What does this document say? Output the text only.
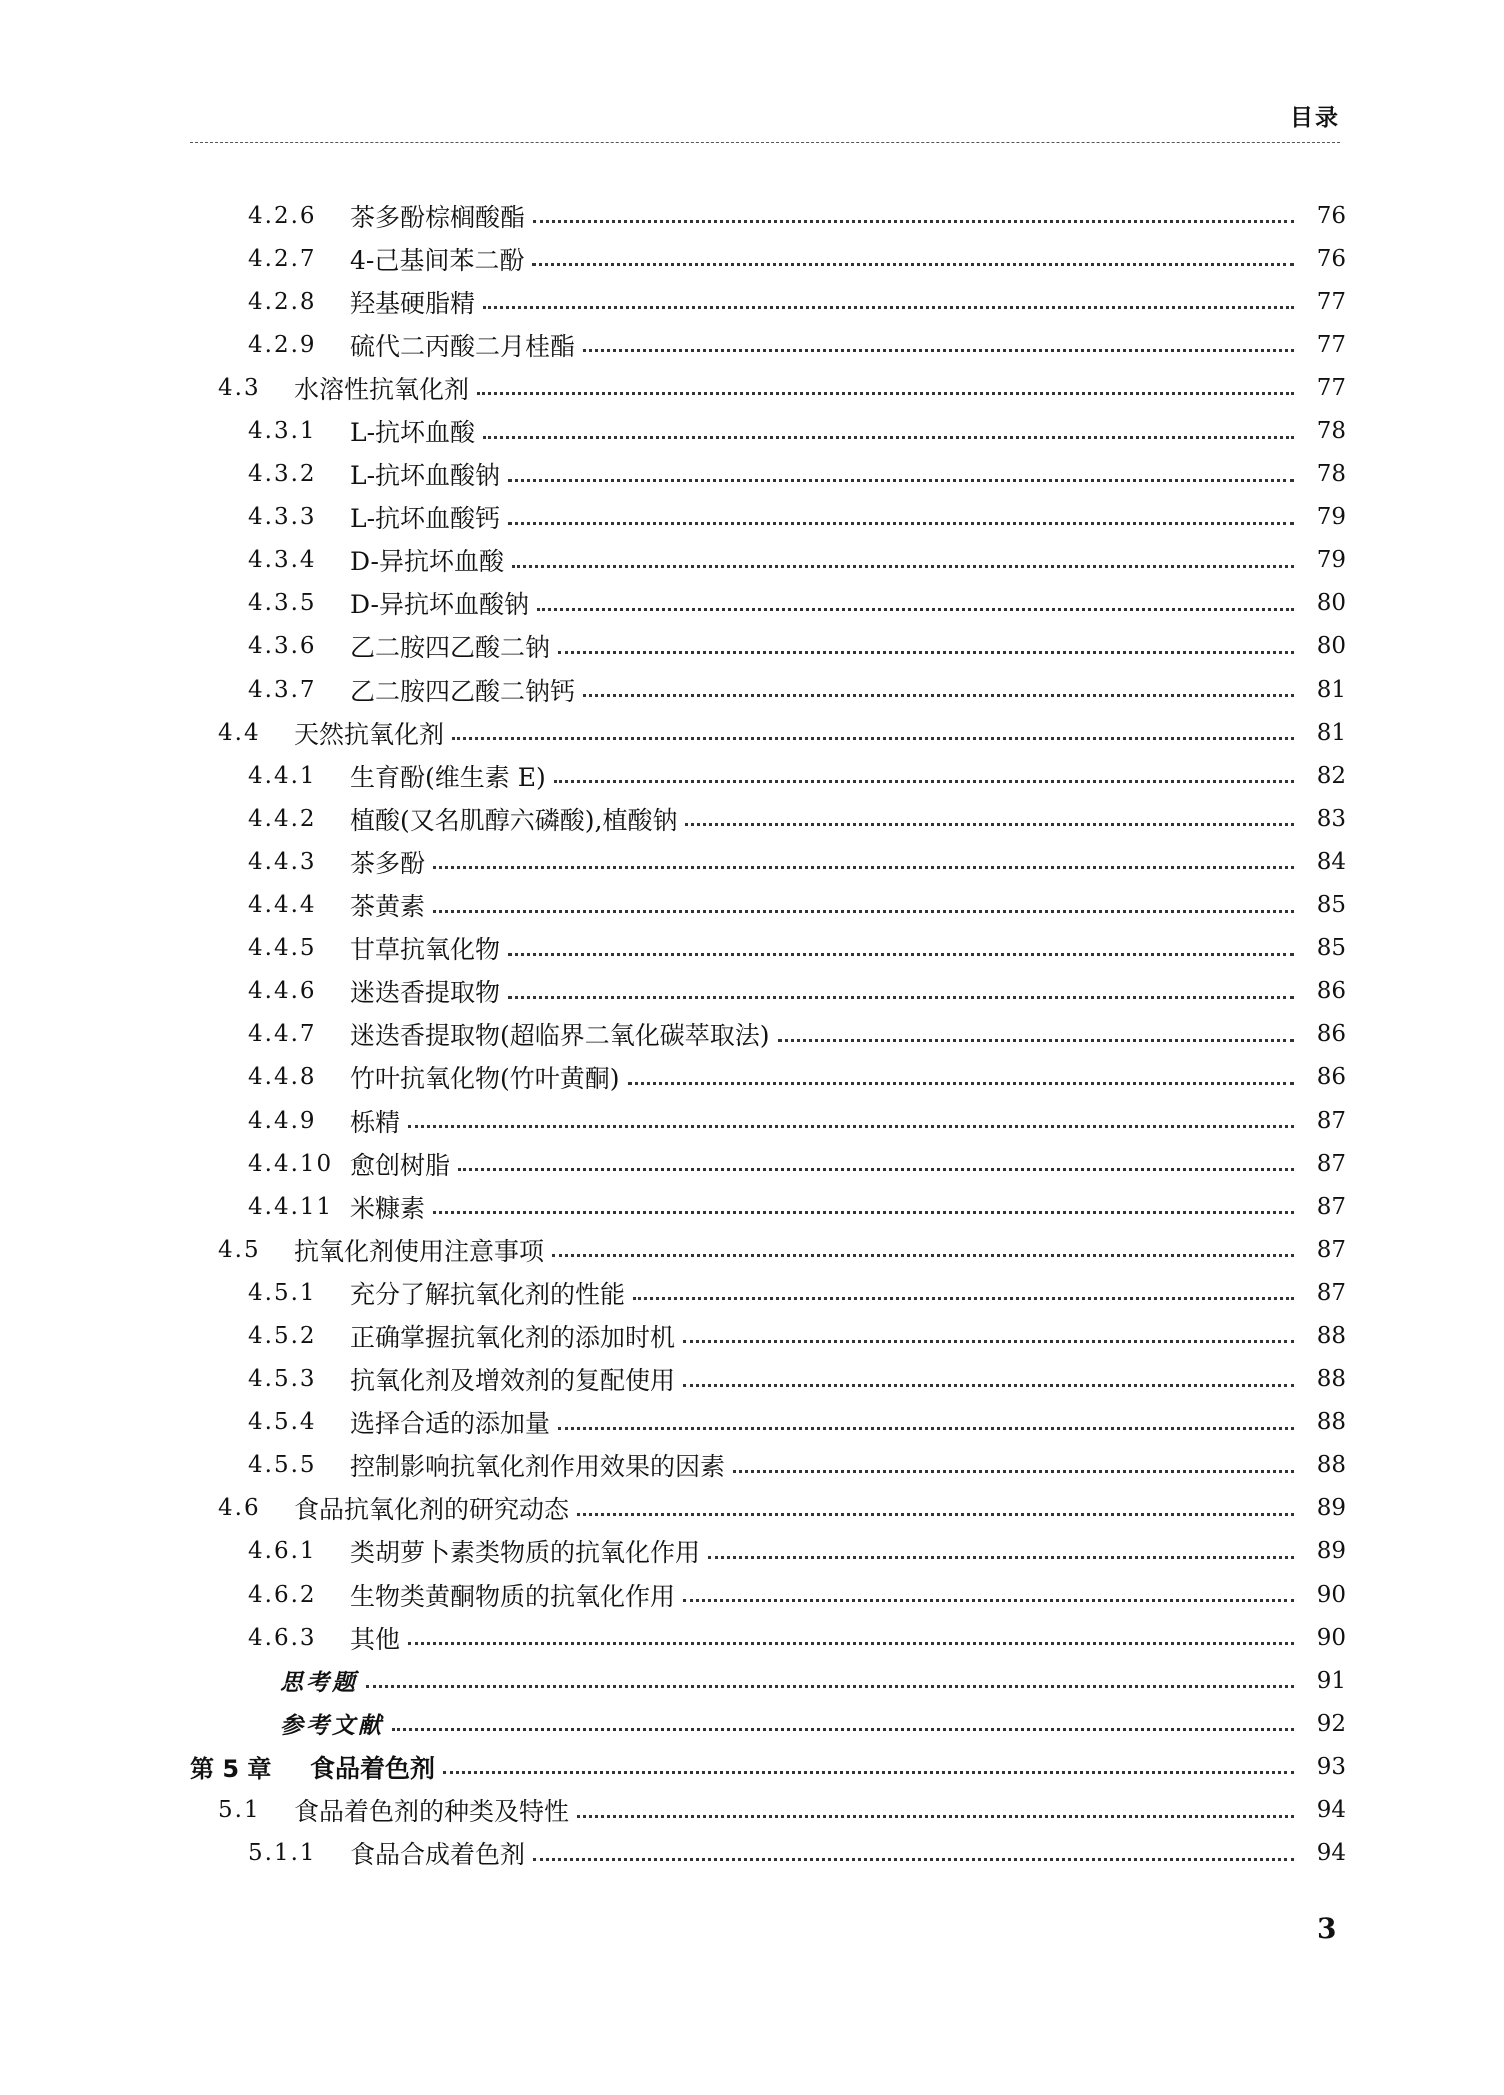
目录
4.2.6	茶多酚棕榈酸酯	76
4.2.7	4-己基间苯二酚	76
4.2.8	羟基硬脂精	77
4.2.9	硫代二丙酸二月桂酯	77
4.3	水溶性抗氧化剂	77
4.3.1	L-抗坏血酸	78
4.3.2	L-抗坏血酸钠	78
4.3.3	L-抗坏血酸钙	79
4.3.4	D-异抗坏血酸	79
4.3.5	D-异抗坏血酸钠	80
4.3.6	乙二胺四乙酸二钠	80
4.3.7	乙二胺四乙酸二钠钙	81
4.4	天然抗氧化剂	81
4.4.1	生育酚(维生素 E)	82
4.4.2	植酸(又名肌醇六磷酸),植酸钠	83
4.4.3	茶多酚	84
4.4.4	茶黄素	85
4.4.5	甘草抗氧化物	85
4.4.6	迷迭香提取物	86
4.4.7	迷迭香提取物(超临界二氧化碳萃取法)	86
4.4.8	竹叶抗氧化物(竹叶黄酮)	86
4.4.9	栎精	87
4.4.10 愈创树脂	87
4.4.11 米糠素	87
4.5	抗氧化剂使用注意事项	87
4.5.1	充分了解抗氧化剂的性能	87
4.5.2	正确掌握抗氧化剂的添加时机	88
4.5.3	抗氧化剂及增效剂的复配使用	88
4.5.4	选择合适的添加量	88
4.5.5	控制影响抗氧化剂作用效果的因素	88
4.6	食品抗氧化剂的研究动态	89
4.6.1	类胡萝卜素类物质的抗氧化作用	89
4.6.2	生物类黄酮物质的抗氧化作用	90
4.6.3	其他	90
思考题	91
参考文献	92
第 5 章	食品着色剂	93
5.1	食品着色剂的种类及特性	94
5.1.1	食品合成着色剂	94
3
